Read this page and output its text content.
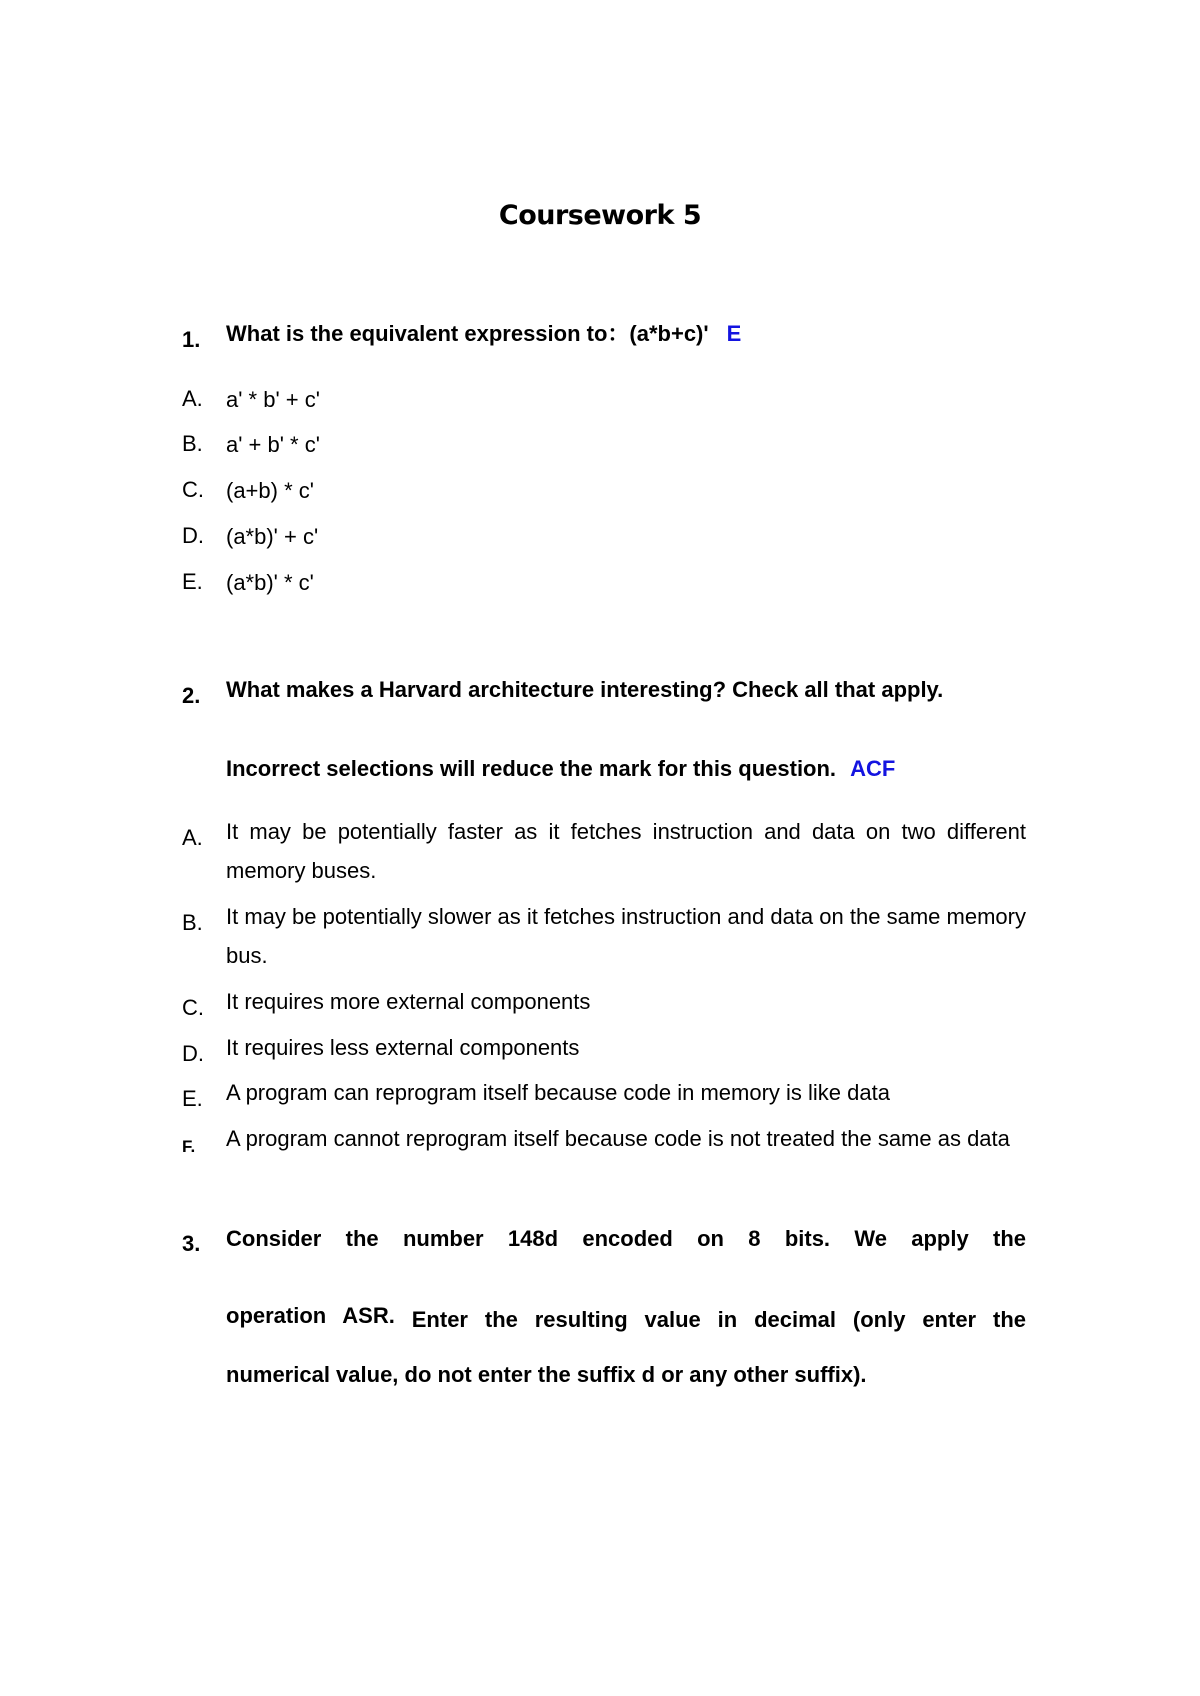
Coursework 5
1. What is the equivalent expression to：(a*b+c)' E
A. a' * b' + c'
B. a' + b' * c'
C. (a+b) * c'
D. (a*b)' + c'
E. (a*b)' * c'
2. What makes a Harvard architecture interesting? Check all that apply.
Incorrect selections will reduce the mark for this question. ACF
A. It may be potentially faster as it fetches instruction and data on two different memory buses.
B. It may be potentially slower as it fetches instruction and data on the same memory bus.
C. It requires more external components
D. It requires less external components
E. A program can reprogram itself because code in memory is like data
F. A program cannot reprogram itself because code is not treated the same as data
3. Consider the number 148d encoded on 8 bits. We apply the
operation ASR. Enter the resulting value in decimal (only enter the
numerical value, do not enter the suffix d or any other suffix).
